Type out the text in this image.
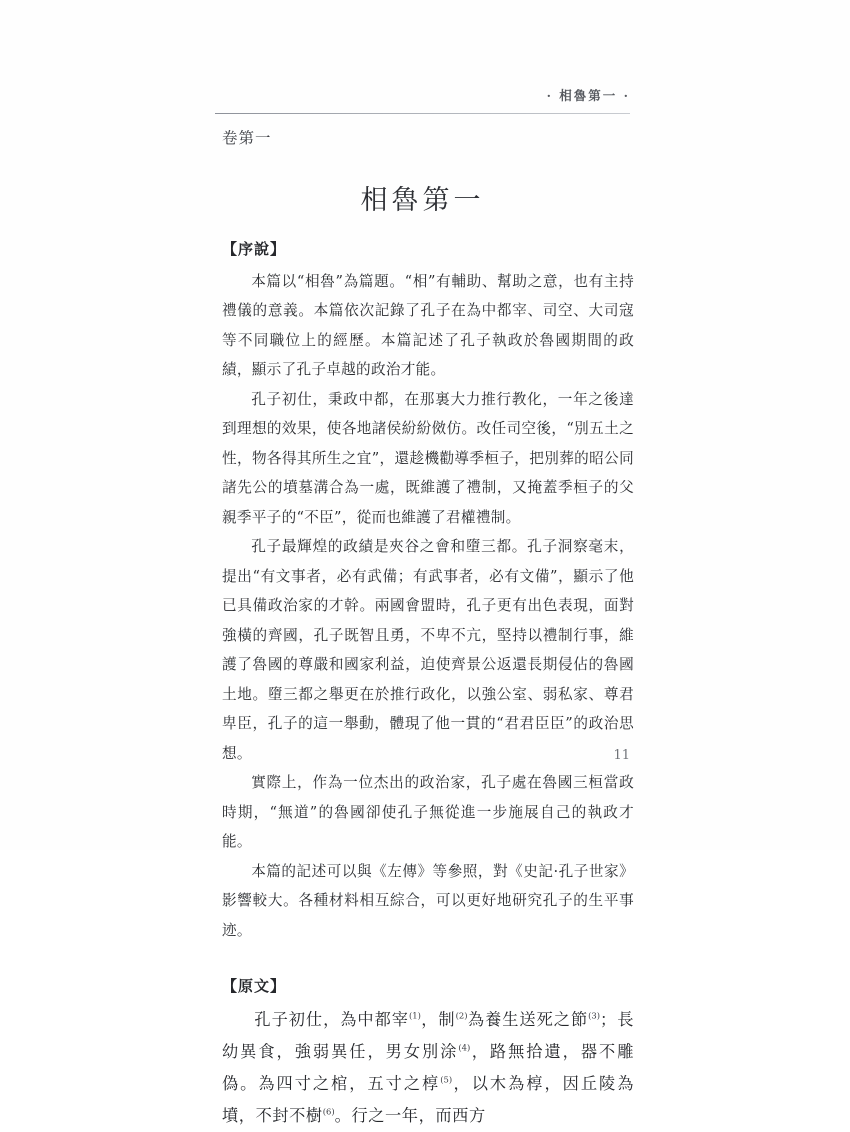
· 相魯第一 ·
卷第一
相魯第一

【序說】

本篇以“相魯”為篇題。“相”有輔助、幫助之意，也有主持禮儀的意義。本篇依次記錄了孔子在為中都宰、司空、大司寇等不同職位上的經歷。本篇記述了孔子執政於魯國期間的政績，顯示了孔子卓越的政治才能。

孔子初仕，秉政中都，在那裏大力推行教化，一年之後達到理想的效果，使各地諸侯紛紛傚仿。改任司空後，“別五土之性，物各得其所生之宜”，還趁機勸導季桓子，把別葬的昭公同諸先公的墳墓溝合為一處，既維護了禮制，又掩蓋季桓子的父親季平子的“不臣”，從而也維護了君權禮制。

孔子最輝煌的政績是夾谷之會和墮三都。孔子洞察毫末，提出“有文事者，必有武備；有武事者，必有文備”，顯示了他已具備政治家的才幹。兩國會盟時，孔子更有出色表現，面對強橫的齊國，孔子既智且勇，不卑不亢，堅持以禮制行事，維護了魯國的尊嚴和國家利益，迫使齊景公返還長期侵佔的魯國土地。墮三都之舉更在於推行政化，以強公室、弱私家、尊君卑臣，孔子的這一舉動，體現了他一貫的“君君臣臣”的政治思想。

實際上，作為一位杰出的政治家，孔子處在魯國三桓當政時期，“無道”的魯國卻使孔子無從進一步施展自己的執政才能。

本篇的記述可以與《左傳》等參照，對《史記·孔子世家》影響較大。各種材料相互綜合，可以更好地研究孔子的生平事迹。

【原文】

孔子初仕，為中都宰$^{(1)}$，制$^{(2)}$為養生送死之節$^{(3)}$；長幼異食，強弱異任，男女別涂$^{(4)}$，路無拾遺，器不雕偽。為四寸之棺，五寸之椁$^{(5)}$，以木為椁，因丘陵為墳，不封不樹$^{(6)}$。行之一年，而西方

11
